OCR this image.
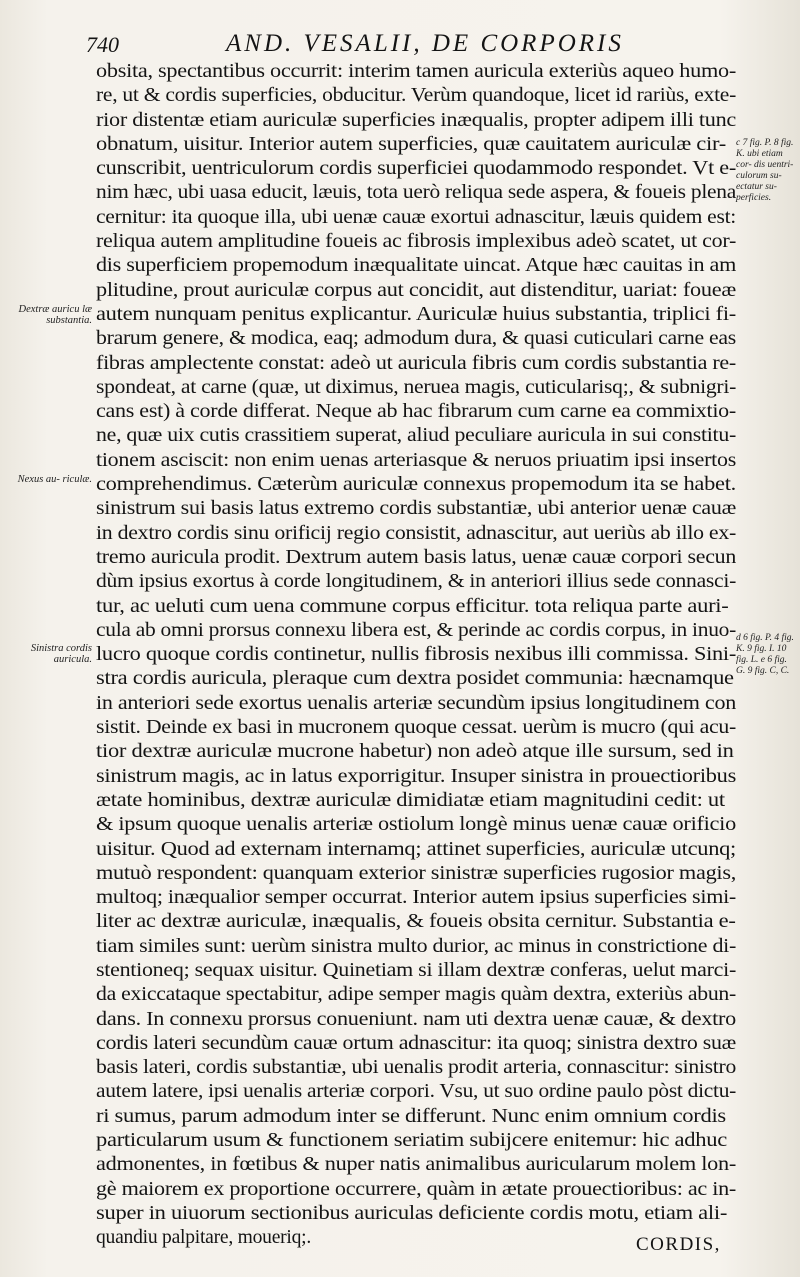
740	AND. VESALII, DE CORPORIS
obsita, spectantibus occurrit: interim tamen auricula exteriùs aqueo humo-
re, ut & cordis superficies, obducitur. Verùm quandoque, licet id rariùs, exte-
rior distentæ etiam auriculæ superficies inæqualis, propter adipem illi tunc
obnatum, uisitur. Interior autem superficies, quæ cauitatem auriculæ cir-
cunscribit, uentriculorum cordis superficiei quodammodo respondet. Vt e-
nim hæc, ubi uasa educit, læuis, tota uerò reliqua sede aspera, & foueis plena
cernitur: ita quoque illa, ubi uenæ cauæ exortui adnascitur, læuis quidem est:
reliqua autem amplitudine foueis ac fibrosis implexibus adeò scatet, ut cor-
dis superficiem propemodum inæqualitate uincat. Atque hæc cauitas in am
plitudine, prout auriculæ corpus aut concidit, aut distenditur, uariat: foueæ
autem nunquam penitus explicantur. Auriculæ huius substantia, triplici fi-
brarum genere, & modica, eaq; admodum dura, & quasi cuticulari carne eas
fibras amplectente constat: adeò ut auricula fibris cum cordis substantia re-
spondeat, at carne (quæ, ut diximus, neruea magis, cuticularisq;, & subnigri-
cans est) à corde differat. Neque ab hac fibrarum cum carne ea commixtio-
ne, quæ uix cutis crassitiem superat, aliud peculiare auricula in sui constitu-
tionem asciscit: non enim uenas arteriasque & neruos priuatim ipsi insertos
comprehendimus. Cæterùm auriculæ connexus propemodum ita se habet.
sinistrum sui basis latus extremo cordis substantiæ, ubi anterior uenæ cauæ
in dextro cordis sinu orificij regio consistit, adnascitur, aut ueriùs ab illo ex-
tremo auricula prodit. Dextrum autem basis latus, uenæ cauæ corpori secun
dùm ipsius exortus à corde longitudinem, & in anteriori illius sede connasci-
tur, ac ueluti cum uena commune corpus efficitur. tota reliqua parte auri-
cula ab omni prorsus connexu libera est, & perinde ac cordis corpus, in inuo-
lucro quoque cordis continetur, nullis fibrosis nexibus illi commissa. Sini-
stra cordis auricula, pleraque cum dextra posidet communia: hæcnamque
in anteriori sede exortus uenalis arteriæ secundùm ipsius longitudinem con
sistit. Deinde ex basi in mucronem quoque cessat. uerùm is mucro (qui acu-
tior dextræ auriculæ mucrone habetur) non adeò atque ille sursum, sed in
sinistrum magis, ac in latus exporrigitur. Insuper sinistra in prouectioribus
ætate hominibus, dextræ auriculæ dimidiatæ etiam magnitudini cedit: ut
& ipsum quoque uenalis arteriæ ostiolum longè minus uenæ cauæ orificio
uisitur. Quod ad externam internamq; attinet superficies, auriculæ utcunq;
mutuò respondent: quanquam exterior sinistræ superficies rugosior magis,
multoq; inæqualior semper occurrat. Interior autem ipsius superficies simi-
liter ac dextræ auriculæ, inæqualis, & foueis obsita cernitur. Substantia e-
tiam similes sunt: uerùm sinistra multo durior, ac minus in constrictione di-
stentioneq; sequax uisitur. Quinetiam si illam dextræ conferas, uelut marci-
da exiccataque spectabitur, adipe semper magis quàm dextra, exteriùs abun-
dans. In connexu prorsus conueniunt. nam uti dextra uenæ cauæ, & dextro
cordis lateri secundùm cauæ ortum adnascitur: ita quoq; sinistra dextro suæ
basis lateri, cordis substantiæ, ubi uenalis prodit arteria, connascitur: sinistro
autem latere, ipsi uenalis arteriæ corpori. Vsu, ut suo ordine paulo pòst dictu-
ri sumus, parum admodum inter se differunt. Nunc enim omnium cordis
particularum usum & functionem seriatim subijcere enitemur: hic adhuc
admonentes, in fœtibus & nuper natis animalibus auricularum molem lon-
gè maiorem ex proportione occurrere, quàm in ætate prouectioribus: ac in-
super in uiuorum sectionibus auriculas deficiente cordis motu, etiam ali-
quandiu palpitare, moueriq;.
Dextræ auricu læ substantia.
Nexus au- riculæ.
Sinistra cordis auricula.
c 7 fig. P. 8 fig. K. ubi etiam cor- dis uentri- culorum su- ectatur su- perficies.
d 6 fig. P. 4 fig. K. 9 fig. I. 10 fig. L. e 6 fig. G. 9 fig. C, C.
CORDIS,
